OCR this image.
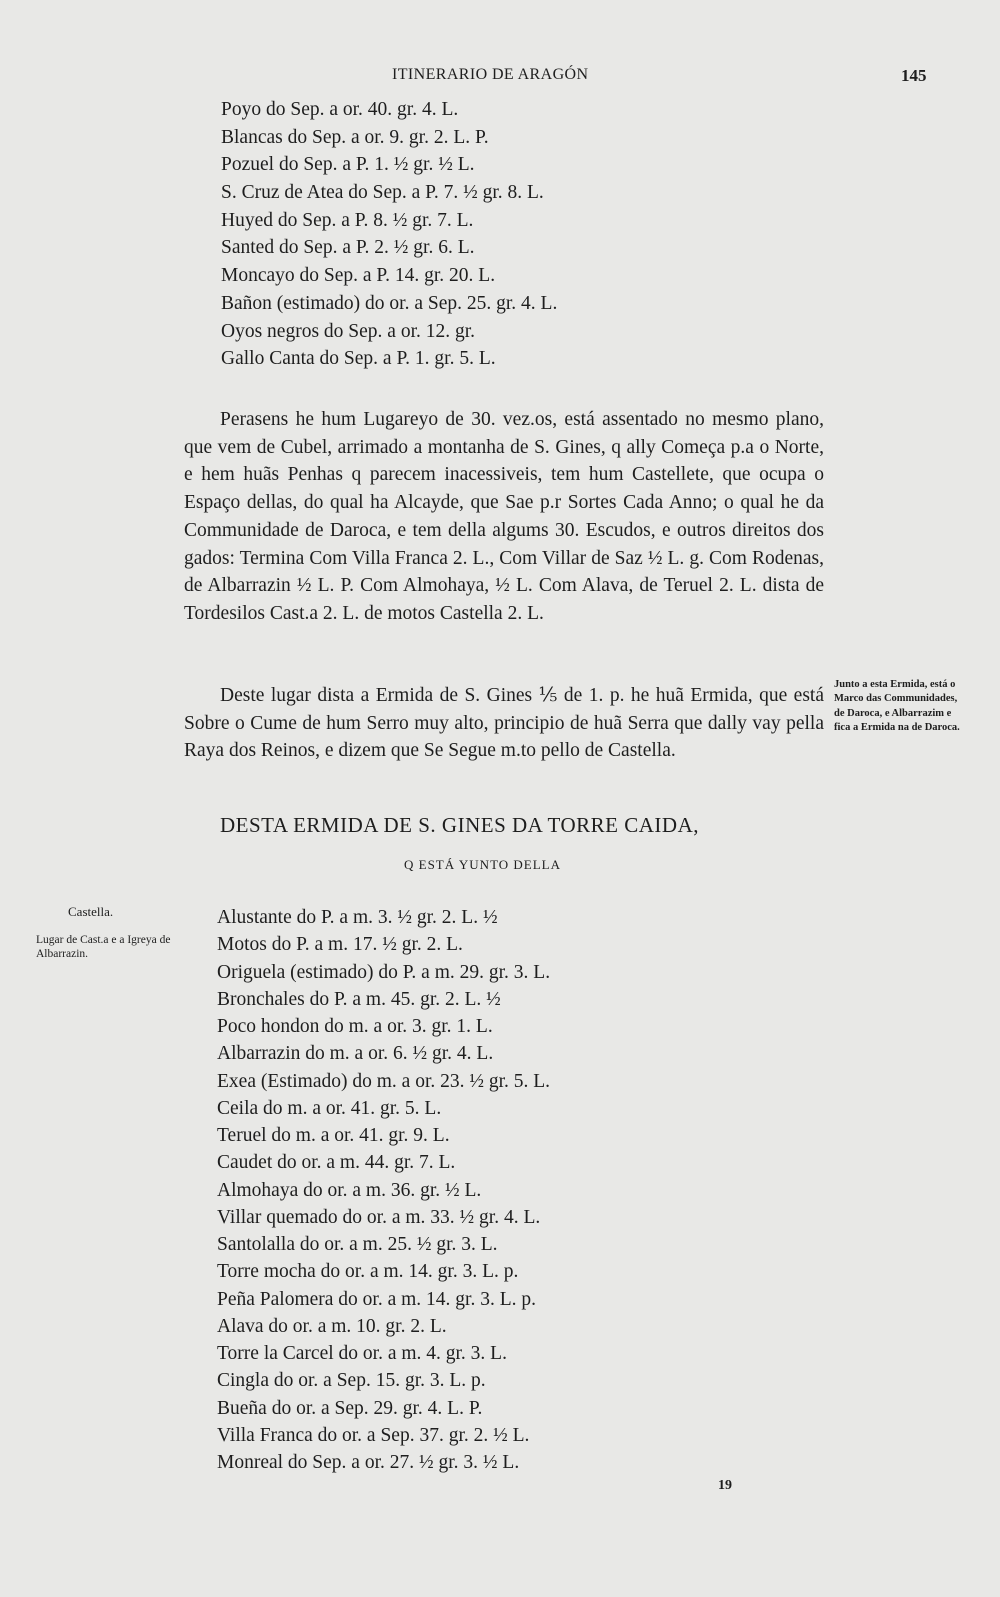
ITINERARIO DE ARAGÓN	145
Poyo do Sep. a or. 40. gr. 4. L.
Blancas do Sep. a or. 9. gr. 2. L. P.
Pozuel do Sep. a P. 1. ½ gr. ½ L.
S. Cruz de Atea do Sep. a P. 7. ½ gr. 8. L.
Huyed do Sep. a P. 8. ½ gr. 7. L.
Santed do Sep. a P. 2. ½ gr. 6. L.
Moncayo do Sep. a P. 14. gr. 20. L.
Bañon (estimado) do or. a Sep. 25. gr. 4. L.
Oyos negros do Sep. a or. 12. gr.
Gallo Canta do Sep. a P. 1. gr. 5. L.

Perasens he hum Lugareyo de 30. vez.os, está assentado no mesmo plano, que vem de Cubel, arrimado a montanha de S. Gines, q ally Começa p.a o Norte, e hem huãs Penhas q parecem inacessiveis, tem hum Castellete, que ocupa o Espaço dellas, do qual ha Alcayde, que Sae p.r Sortes Cada Anno; o qual he da Communidade de Daroca, e tem della algums 30. Escudos, e outros direitos dos gados: Termina Com Villa Franca 2. L., Com Villar de Saz ½ L. g. Com Rodenas, de Albarrazin ½ L. P. Com Almohaya, ½ L. Com Alava, de Teruel 2. L. dista de Tordesilos Cast.a 2. L. de motos Castella 2. L.

Deste lugar dista a Ermida de S. Gines ⅕ de 1. p. he huã Ermida, que está Sobre o Cume de hum Serro muy alto, principio de huã Serra que dally vay pella Raya dos Reinos, e dizem que Se Segue m.to pello de Castella.

Junto a esta Ermida, está o Marco das Communidades, de Daroca, e Albarrazim e fica a Ermida na de Daroca.
DESTA ERMIDA DE S. GINES DA TORRE CAIDA,
Q ESTÁ YUNTO DELLA
Castella.
Lugar de Cast.a e a Igreya de Albarrazin.
Alustante do P. a m. 3. ½ gr. 2. L. ½
Motos do P. a m. 17. ½ gr. 2. L.
Origuela (estimado) do P. a m. 29. gr. 3. L.
Bronchales do P. a m. 45. gr. 2. L. ½
Poco hondon do m. a or. 3. gr. 1. L.
Albarrazin do m. a or. 6. ½ gr. 4. L.
Exea (Estimado) do m. a or. 23. ½ gr. 5. L.
Ceila do m. a or. 41. gr. 5. L.
Teruel do m. a or. 41. gr. 9. L.
Caudet do or. a m. 44. gr. 7. L.
Almohaya do or. a m. 36. gr. ½ L.
Villar quemado do or. a m. 33. ½ gr. 4. L.
Santolalla do or. a m. 25. ½ gr. 3. L.
Torre mocha do or. a m. 14. gr. 3. L. p.
Peña Palomera do or. a m. 14. gr. 3. L. p.
Alava do or. a m. 10. gr. 2. L.
Torre la Carcel do or. a m. 4. gr. 3. L.
Cingla do or. a Sep. 15. gr. 3. L. p.
Bueña do or. a Sep. 29. gr. 4. L. P.
Villa Franca do or. a Sep. 37. gr. 2. ½ L.
Monreal do Sep. a or. 27. ½ gr. 3. ½ L.
19
